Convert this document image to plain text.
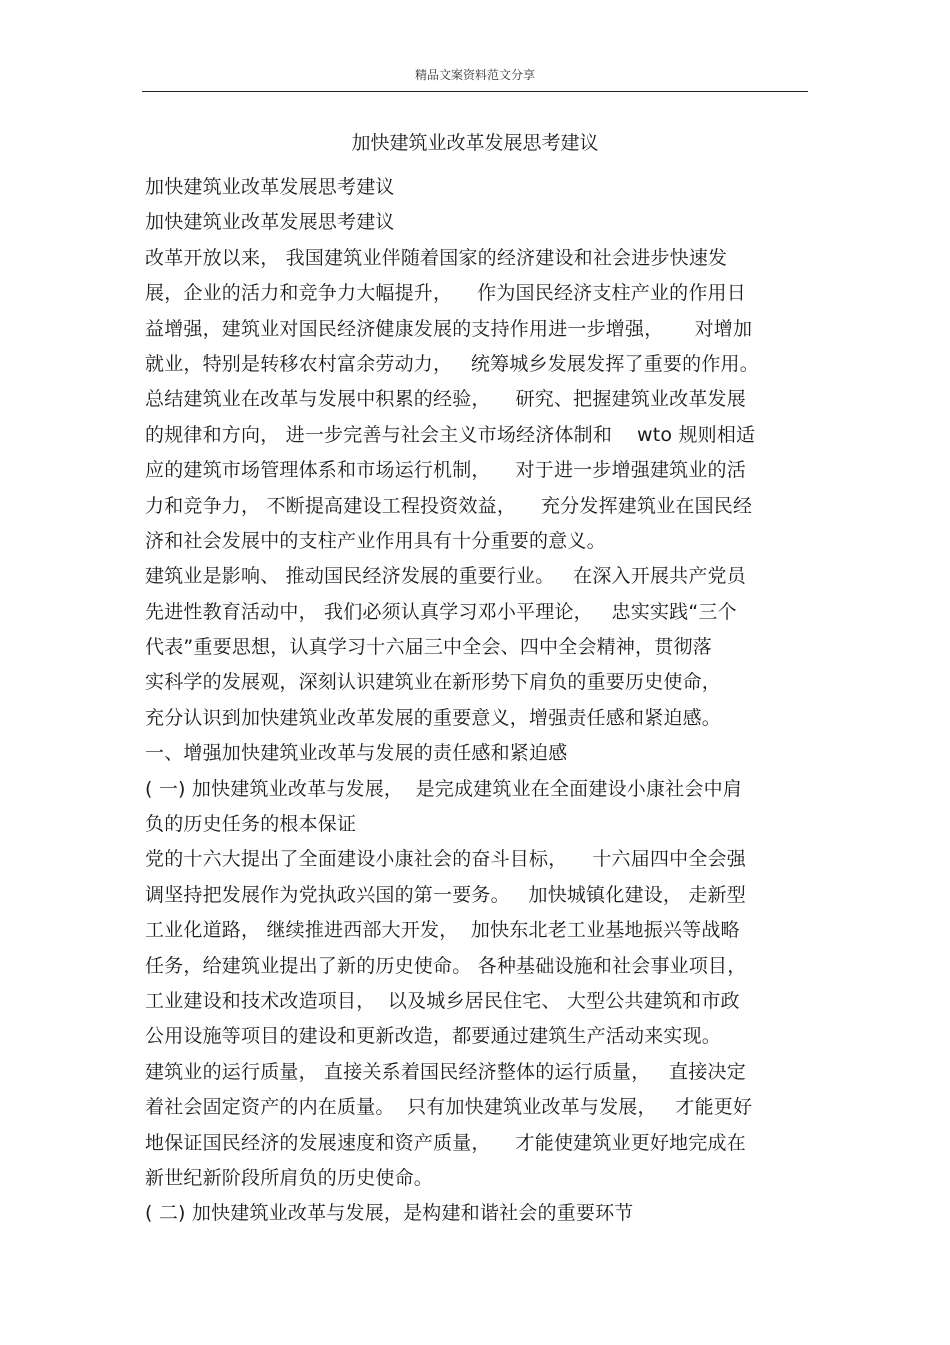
精品文案资料范文分享
加快建筑业改革发展思考建议
加快建筑业改革发展思考建议
加快建筑业改革发展思考建议
改革开放以来， 我国建筑业伴随着国家的经济建设和社会进步快速发
展，企业的活力和竞争力大幅提升，    作为国民经济支柱产业的作用日
益增强，建筑业对国民经济健康发展的支持作用进一步增强，     对增加
就业，特别是转移农村富余劳动力，   统筹城乡发展发挥了重要的作用。
总结建筑业在改革与发展中积累的经验，    研究、把握建筑业改革发展
的规律和方向， 进一步完善与社会主义市场经济体制和    wto 规则相适
应的建筑市场管理体系和市场运行机制，    对于进一步增强建筑业的活
力和竞争力， 不断提高建设工程投资效益，    充分发挥建筑业在国民经
济和社会发展中的支柱产业作用具有十分重要的意义。
建筑业是影响、 推动国民经济发展的重要行业。   在深入开展共产党员
先进性教育活动中， 我们必须认真学习邓小平理论，   忠实实践“三个
代表”重要思想，认真学习十六届三中全会、四中全会精神，贯彻落
实科学的发展观，深刻认识建筑业在新形势下肩负的重要历史使命，
充分认识到加快建筑业改革发展的重要意义，增强责任感和紧迫感。
一、增强加快建筑业改革与发展的责任感和紧迫感
( 一) 加快建筑业改革与发展，  是完成建筑业在全面建设小康社会中肩
负的历史任务的根本保证
党的十六大提出了全面建设小康社会的奋斗目标，    十六届四中全会强
调坚持把发展作为党执政兴国的第一要务。   加快城镇化建设， 走新型
工业化道路， 继续推进西部大开发，  加快东北老工业基地振兴等战略
任务，给建筑业提出了新的历史使命。 各种基础设施和社会事业项目，
工业建设和技术改造项目，  以及城乡居民住宅、 大型公共建筑和市政
公用设施等项目的建设和更新改造，都要通过建筑生产活动来实现。
建筑业的运行质量， 直接关系着国民经济整体的运行质量，   直接决定
着社会固定资产的内在质量。  只有加快建筑业改革与发展，   才能更好
地保证国民经济的发展速度和资产质量，    才能使建筑业更好地完成在
新世纪新阶段所肩负的历史使命。
( 二) 加快建筑业改革与发展，是构建和谐社会的重要环节
